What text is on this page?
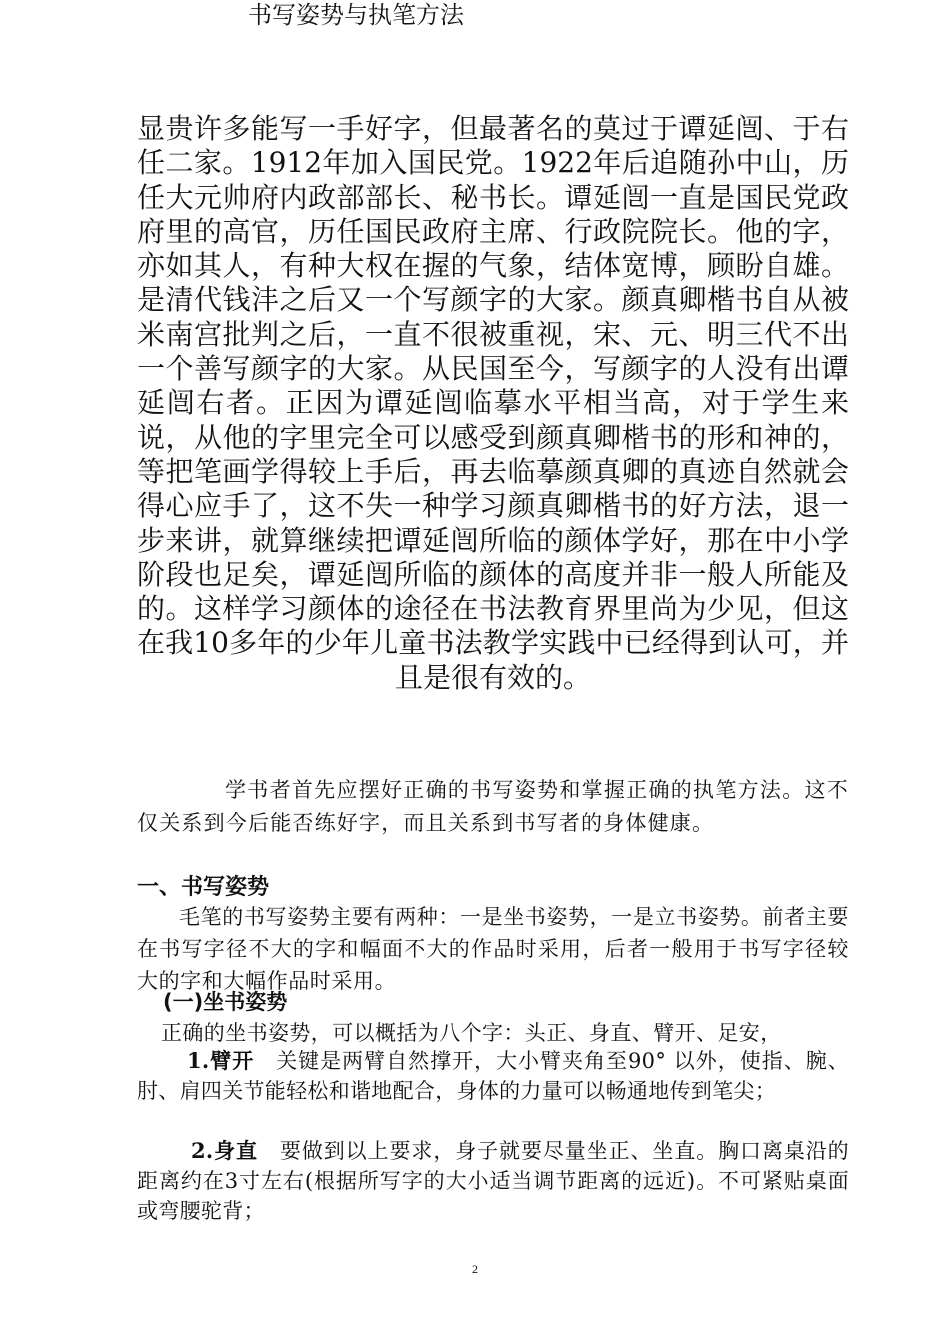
显贵许多能写一手好字，但最著名的莫过于谭延闿、于右任二家。1912年加入国民党。1922年后追随孙中山，历任大元帅府内政部部长、秘书长。谭延闿一直是国民党政府里的高官，历任国民政府主席、行政院院长。他的字，亦如其人，有种大权在握的气象，结体宽博，顾盼自雄。是清代钱沣之后又一个写颜字的大家。颜真卿楷书自从被米南宫批判之后，一直不很被重视，宋、元、明三代不出一个善写颜字的大家。从民国至今，写颜字的人没有出谭延闿右者。正因为谭延闿临摹水平相当高，对于学生来说，从他的字里完全可以感受到颜真卿楷书的形和神的，等把笔画学得较上手后，再去临摹颜真卿的真迹自然就会得心应手了，这不失一种学习颜真卿楷书的好方法，退一步来讲，就算继续把谭延闿所临的颜体学好，那在中小学阶段也足矣，谭延闿所临的颜体的高度并非一般人所能及的。这样学习颜体的途径在书法教育界里尚为少见，但这在我10多年的少年儿童书法教学实践中已经得到认可，并且是很有效的。

书写姿势与执笔方法

学书者首先应摆好正确的书写姿势和掌握正确的执笔方法。这不仅关系到今后能否练好字，而且关系到书写者的身体健康。

一、书写姿势

毛笔的书写姿势主要有两种：一是坐书姿势，一是立书姿势。前者主要在书写字径不大的字和幅面不大的作品时采用，后者一般用于书写字径较大的字和大幅作品时采用。

(一)坐书姿势

正确的坐书姿势，可以概括为八个字：头正、身直、臂开、足安，

1.臂开 关键是两臂自然撑开，大小臂夹角至90° 以外，使指、腕、肘、肩四关节能轻松和谐地配合，身体的力量可以畅通地传到笔尖；

2.身直 要做到以上要求，身子就要尽量坐正、坐直。胸口离桌沿的距离约在3寸左右(根据所写字的大小适当调节距离的远近)。不可紧贴桌面或弯腰驼背；

2
